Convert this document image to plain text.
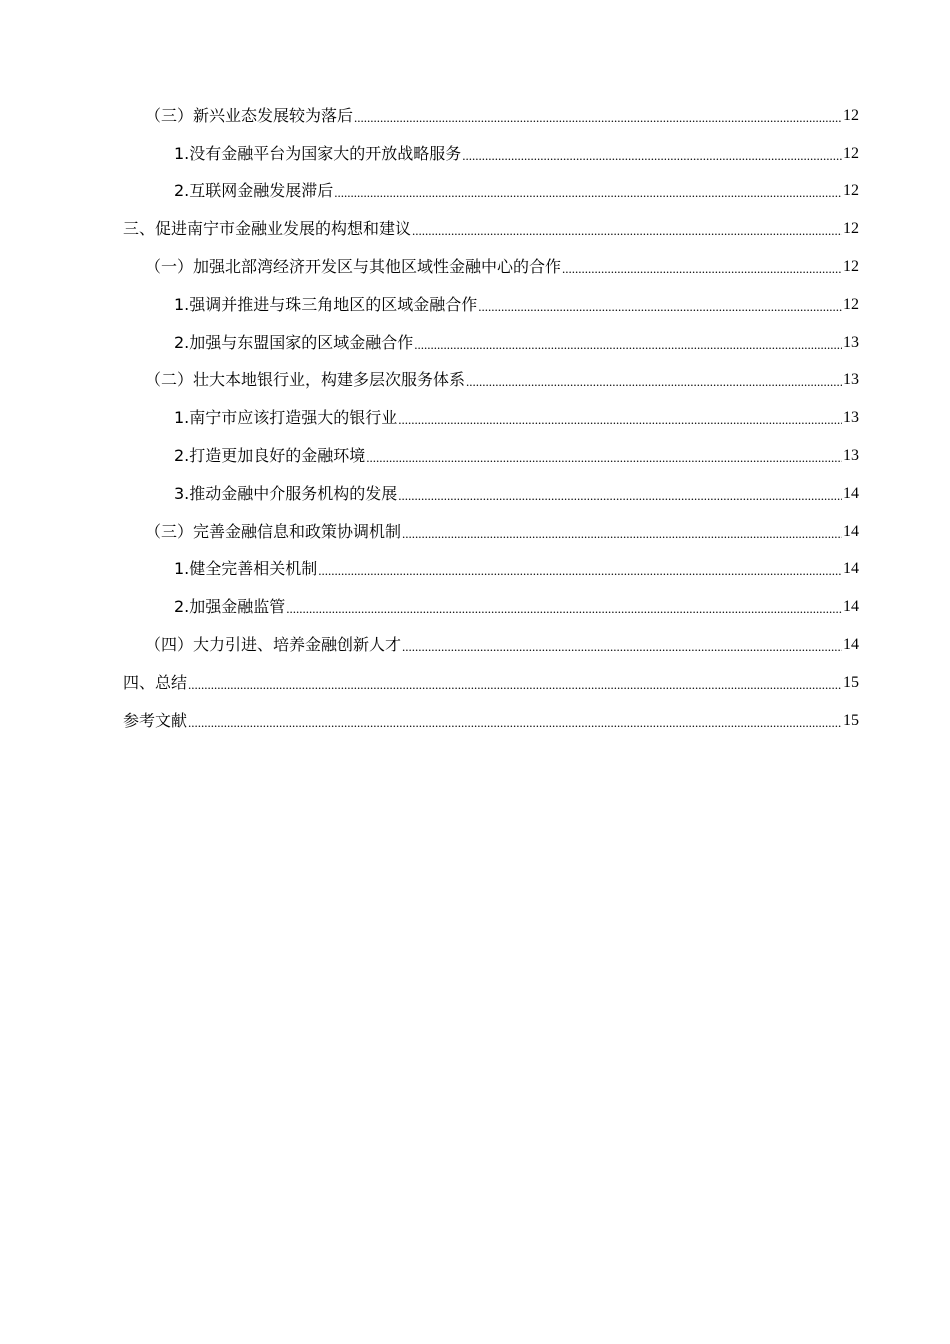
（三）新兴业态发展较为落后 .....	12
1.没有金融平台为国家大的开放战略服务 .....	12
2.互联网金融发展滞后 .....	12
三、促进南宁市金融业发展的构想和建议 .....	12
（一）加强北部湾经济开发区与其他区域性金融中心的合作 .....	12
1.强调并推进与珠三角地区的区域金融合作 .....	12
2.加强与东盟国家的区域金融合作 .....	13
（二）壮大本地银行业，构建多层次服务体系 .....	13
1.南宁市应该打造强大的银行业 .....	13
2.打造更加良好的金融环境 .....	13
3.推动金融中介服务机构的发展 .....	14
（三）完善金融信息和政策协调机制 .....	14
1.健全完善相关机制 .....	14
2.加强金融监管 .....	14
（四）大力引进、培养金融创新人才 .....	14
四、总结 .....	15
参考文献 .....	15
